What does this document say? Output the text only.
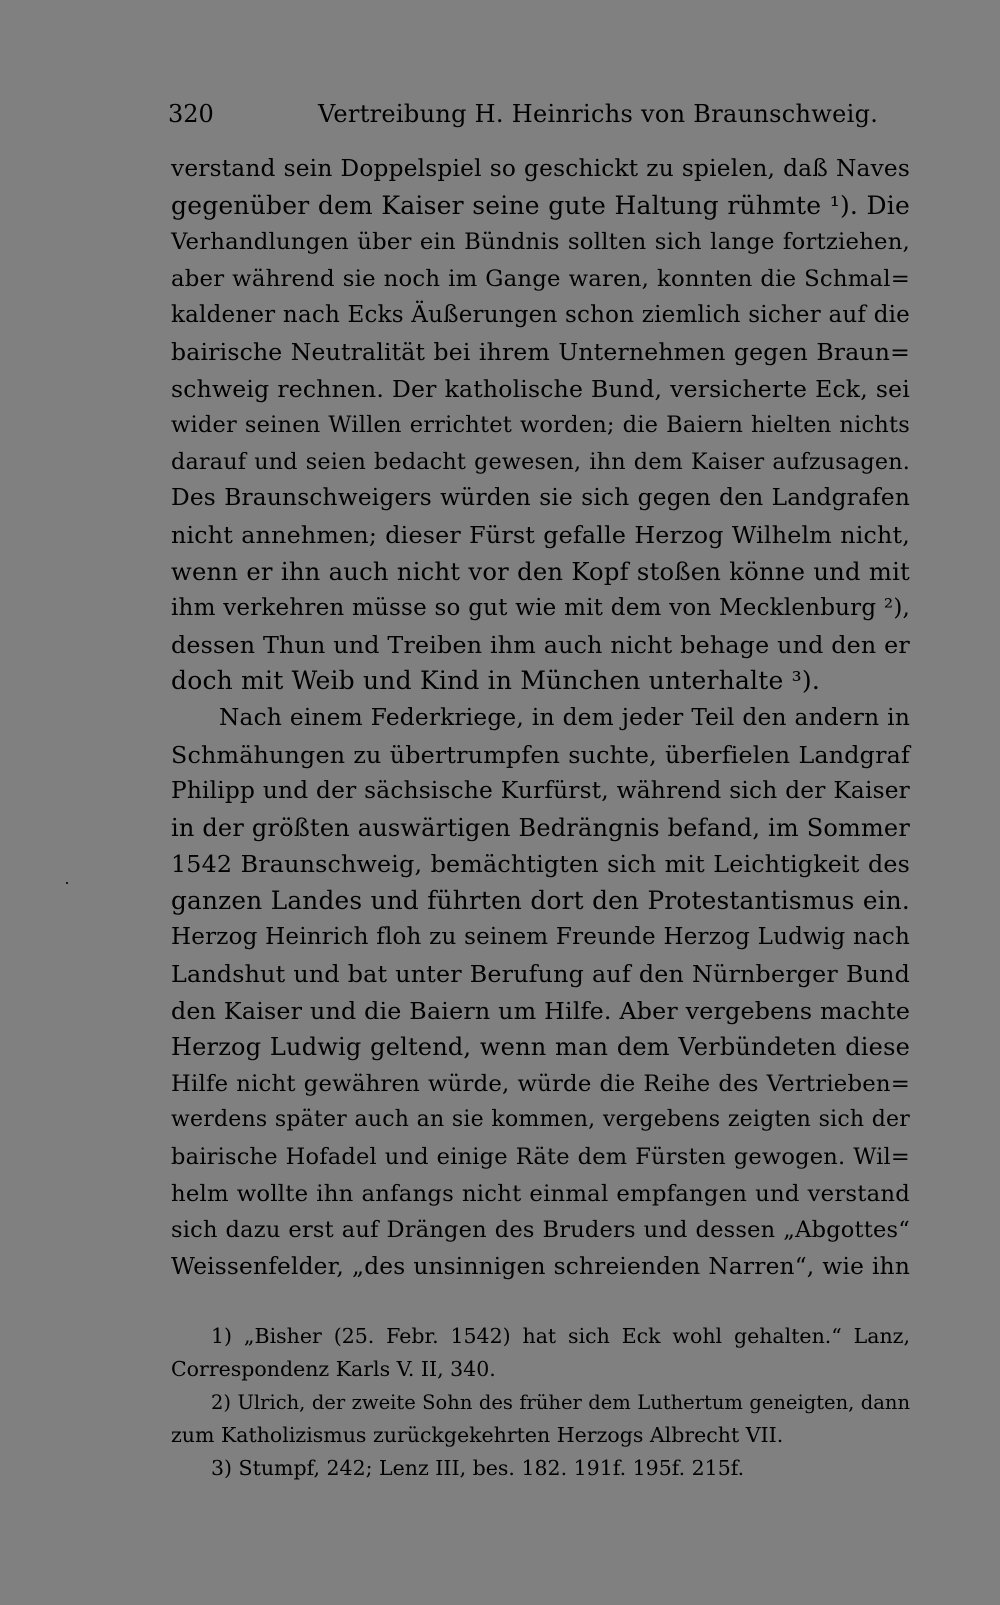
320	Vertreibung H. Heinrichs von Braunschweig.
verstand sein Doppelspiel so geschickt zu spielen, daß Naves
gegenüber dem Kaiser seine gute Haltung rühmte ¹). Die
Verhandlungen über ein Bündnis sollten sich lange fortziehen,
aber während sie noch im Gange waren, konnten die Schmal=
kaldener nach Ecks Äußerungen schon ziemlich sicher auf die
bairische Neutralität bei ihrem Unternehmen gegen Braun=
schweig rechnen. Der katholische Bund, versicherte Eck, sei
wider seinen Willen errichtet worden; die Baiern hielten nichts
darauf und seien bedacht gewesen, ihn dem Kaiser aufzusagen.
Des Braunschweigers würden sie sich gegen den Landgrafen
nicht annehmen; dieser Fürst gefalle Herzog Wilhelm nicht,
wenn er ihn auch nicht vor den Kopf stoßen könne und mit
ihm verkehren müsse so gut wie mit dem von Mecklenburg ²),
dessen Thun und Treiben ihm auch nicht behage und den er
doch mit Weib und Kind in München unterhalte ³).
Nach einem Federkriege, in dem jeder Teil den andern in
Schmähungen zu übertrumpfen suchte, überfielen Landgraf
Philipp und der sächsische Kurfürst, während sich der Kaiser
in der größten auswärtigen Bedrängnis befand, im Sommer
1542 Braunschweig, bemächtigten sich mit Leichtigkeit des
ganzen Landes und führten dort den Protestantismus ein.
Herzog Heinrich floh zu seinem Freunde Herzog Ludwig nach
Landshut und bat unter Berufung auf den Nürnberger Bund
den Kaiser und die Baiern um Hilfe. Aber vergebens machte
Herzog Ludwig geltend, wenn man dem Verbündeten diese
Hilfe nicht gewähren würde, würde die Reihe des Vertrieben=
werdens später auch an sie kommen, vergebens zeigten sich der
bairische Hofadel und einige Räte dem Fürsten gewogen. Wil=
helm wollte ihn anfangs nicht einmal empfangen und verstand
sich dazu erst auf Drängen des Bruders und dessen „Abgottes“
Weissenfelder, „des unsinnigen schreienden Narren“, wie ihn
1) „Bisher (25. Febr. 1542) hat sich Eck wohl gehalten.“ Lanz,
Correspondenz Karls V. II, 340.
2) Ulrich, der zweite Sohn des früher dem Luthertum geneigten, dann
zum Katholizismus zurückgekehrten Herzogs Albrecht VII.
3) Stumpf, 242; Lenz III, bes. 182. 191f. 195f. 215f.
